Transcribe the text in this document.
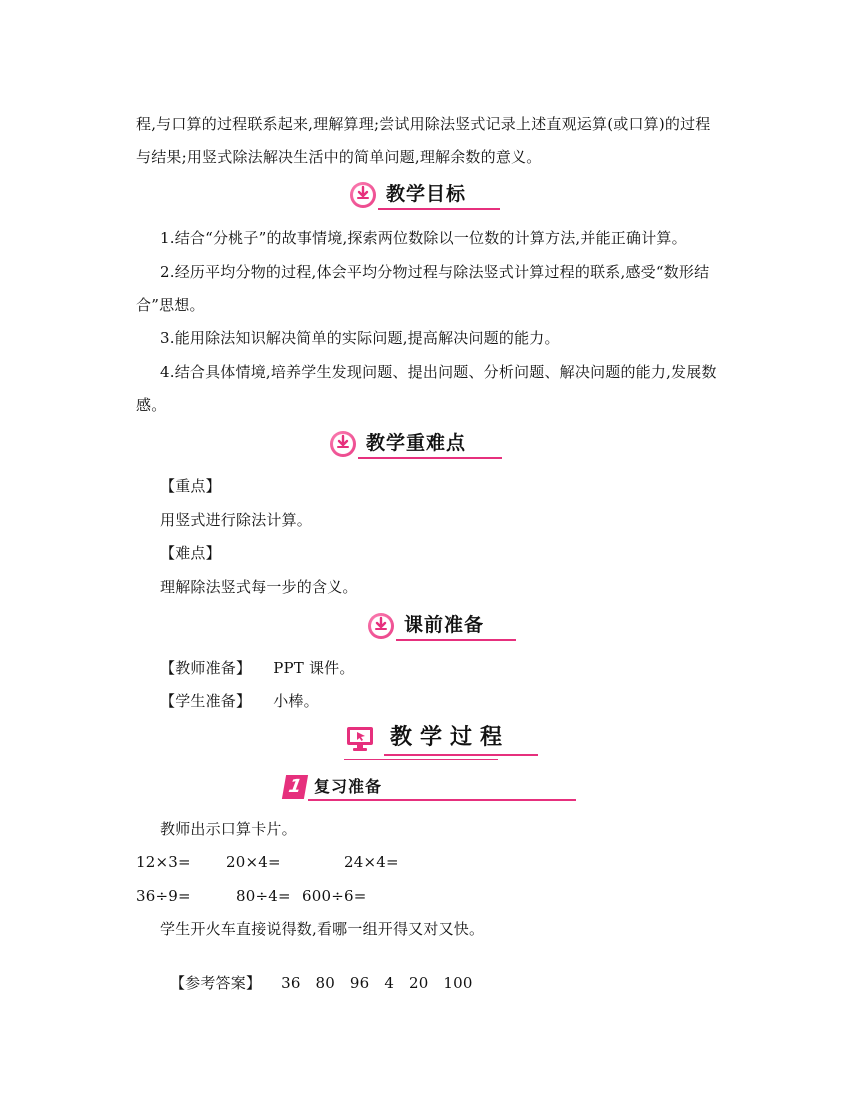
程,与口算的过程联系起来,理解算理;尝试用除法竖式记录上述直观运算(或口算)的过程
与结果;用竖式除法解决生活中的简单问题,理解余数的意义。
教学目标
1.结合“分桃子”的故事情境,探索两位数除以一位数的计算方法,并能正确计算。
2.经历平均分物的过程,体会平均分物过程与除法竖式计算过程的联系,感受“数形结
合”思想。
3.能用除法知识解决简单的实际问题,提高解决问题的能力。
4.结合具体情境,培养学生发现问题、提出问题、分析问题、解决问题的能力,发展数
感。
教学重难点
【重点】
用竖式进行除法计算。
【难点】
理解除法竖式每一步的含义。
课前准备
【教师准备】 PPT 课件。
【学生准备】 小棒。
教学过程
1 复习准备
教师出示口算卡片。
12×3= 20×4=	24×4=
36÷9=	80÷4= 600÷6=
学生开火车直接说得数,看哪一组开得又对又快。

【参考答案】 36   80   96   4   20   100
